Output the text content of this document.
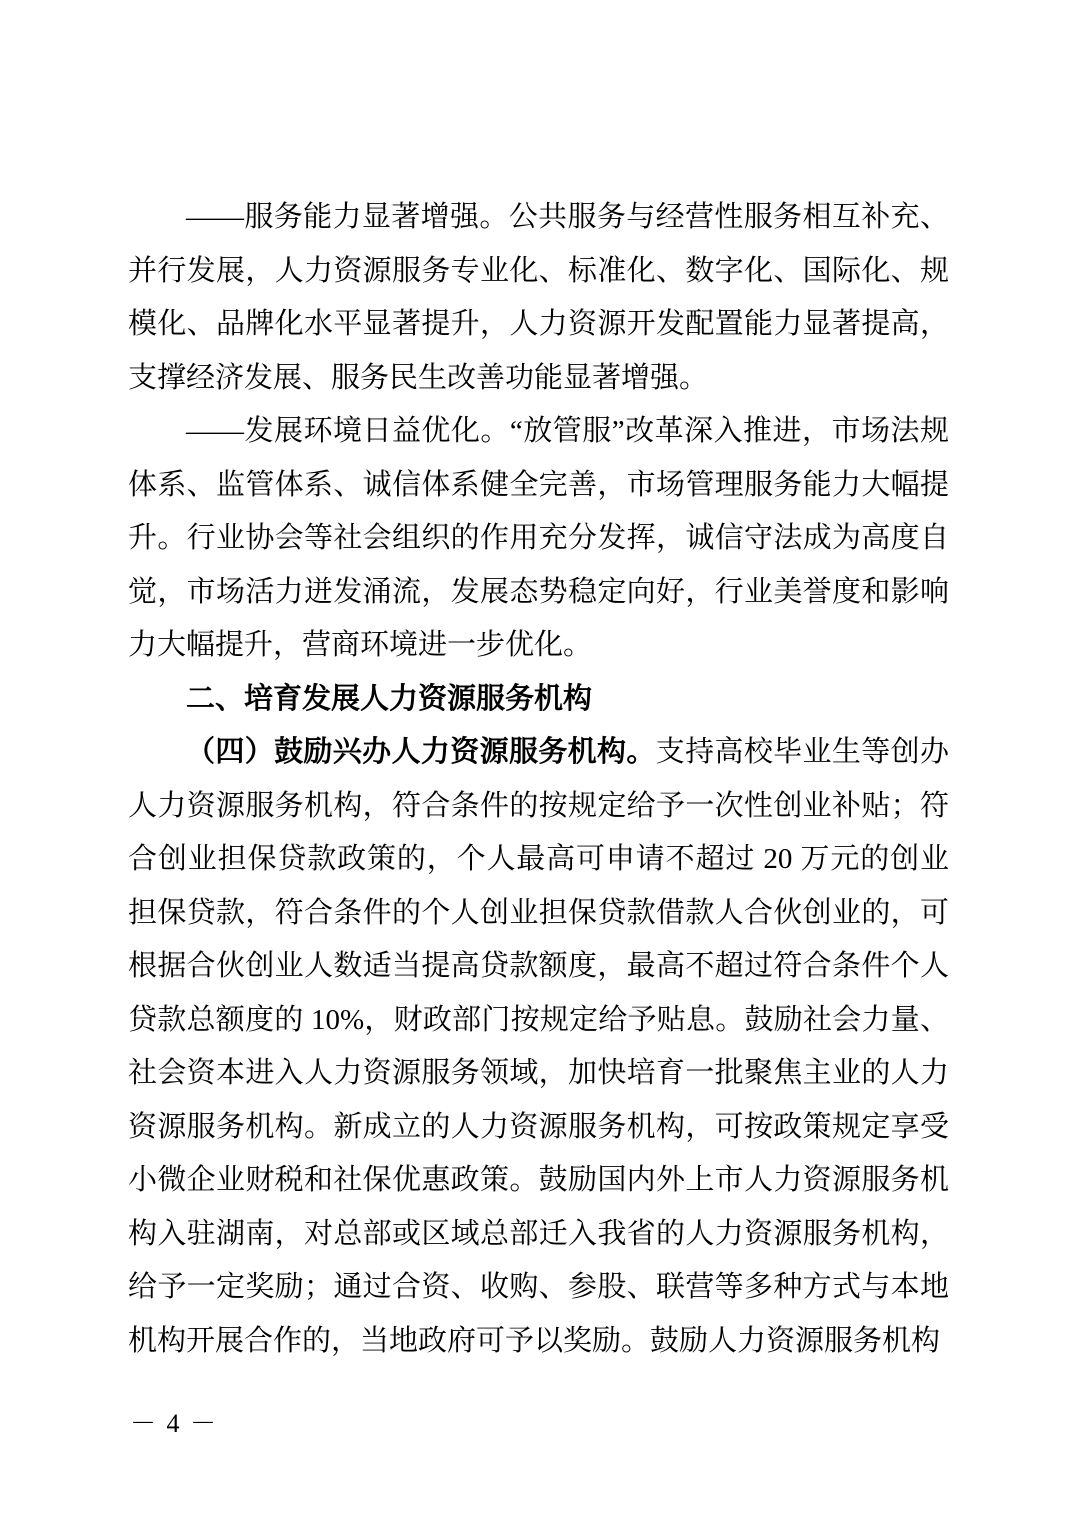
——服务能力显著增强。公共服务与经营性服务相互补充、并行发展，人力资源服务专业化、标准化、数字化、国际化、规模化、品牌化水平显著提升，人力资源开发配置能力显著提高，支撑经济发展、服务民生改善功能显著增强。

——发展环境日益优化。“放管服”改革深入推进，市场法规体系、监管体系、诚信体系健全完善，市场管理服务能力大幅提升。行业协会等社会组织的作用充分发挥，诚信守法成为高度自觉，市场活力迸发涌流，发展态势稳定向好，行业美誉度和影响力大幅提升，营商环境进一步优化。

二、培育发展人力资源服务机构

（四）鼓励兴办人力资源服务机构。支持高校毕业生等创办人力资源服务机构，符合条件的按规定给予一次性创业补贴；符合创业担保贷款政策的，个人最高可申请不超过 20 万元的创业担保贷款，符合条件的个人创业担保贷款借款人合伙创业的，可根据合伙创业人数适当提高贷款额度，最高不超过符合条件个人贷款总额度的 10%，财政部门按规定给予贴息。鼓励社会力量、社会资本进入人力资源服务领域，加快培育一批聚焦主业的人力资源服务机构。新成立的人力资源服务机构，可按政策规定享受小微企业财税和社保优惠政策。鼓励国内外上市人力资源服务机构入驻湖南，对总部或区域总部迁入我省的人力资源服务机构，给予一定奖励；通过合资、收购、参股、联营等多种方式与本地机构开展合作的，当地政府可予以奖励。鼓励人力资源服务机构

－ 4 －
